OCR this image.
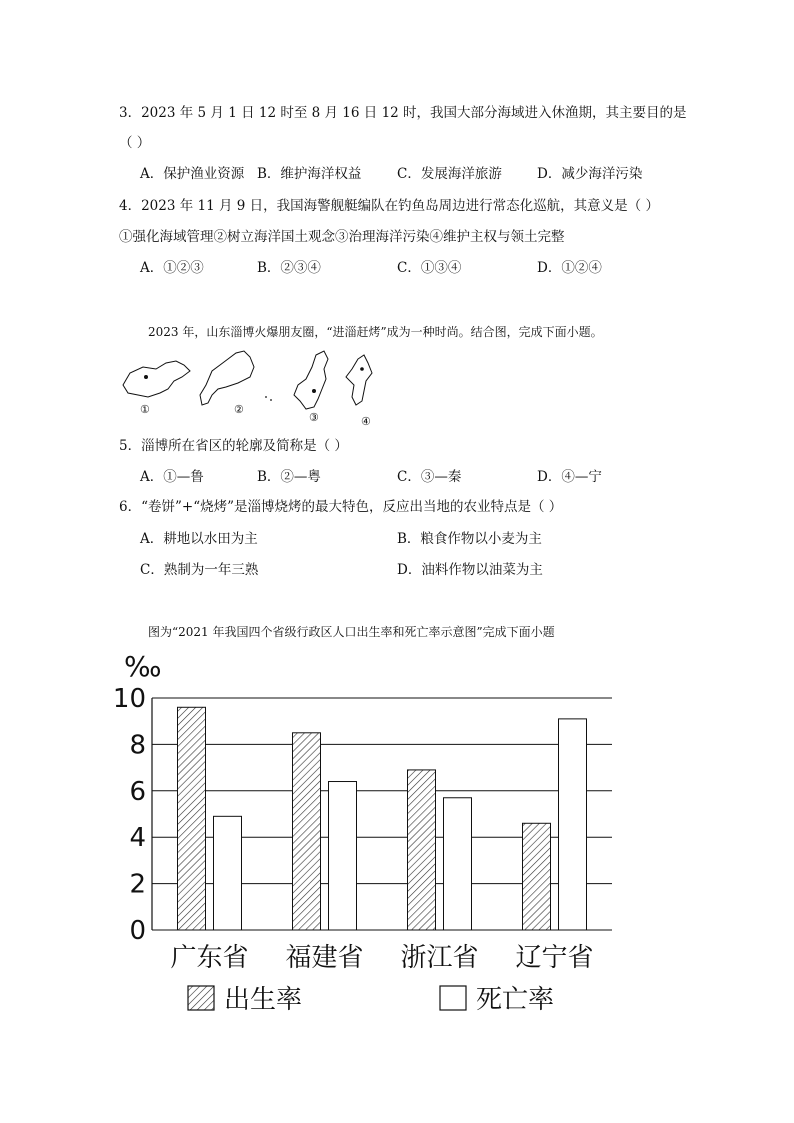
3．2023 年 5 月 1 日 12 时至 8 月 16 日 12 时，我国大部分海域进入休渔期，其主要目的是
（ ）
A．保护渔业资源 B．维护海洋权益	C．发展海洋旅游	D．减少海洋污染
4．2023 年 11 月 9 日，我国海警舰艇编队在钓鱼岛周边进行常态化巡航，其意义是（ ）
①强化海域管理②树立海洋国土观念③治理海洋污染④维护主权与领土完整
A．①②③	B．②③④	C．①③④	D．①②④
2023 年，山东淄博火爆朋友圈，“进淄赶烤”成为一种时尚。结合图，完成下面小题。
①	②
③	④
5．淄博所在省区的轮廓及简称是（ ）
A．①—鲁	B．②—粤	C．③—秦	D．④—宁
6．“卷饼”+“烧烤”是淄博烧烤的最大特色，反应出当地的农业特点是（ ）
A．耕地以水田为主	B．粮食作物以小麦为主
C．熟制为一年三熟	D．油料作物以油菜为主
图为“2021 年我国四个省级行政区人口出生率和死亡率示意图”完成下面小题
‰
0
2
4
6
8
10
广东省 福建省 浙江省 辽宁省
出生率	死亡率
